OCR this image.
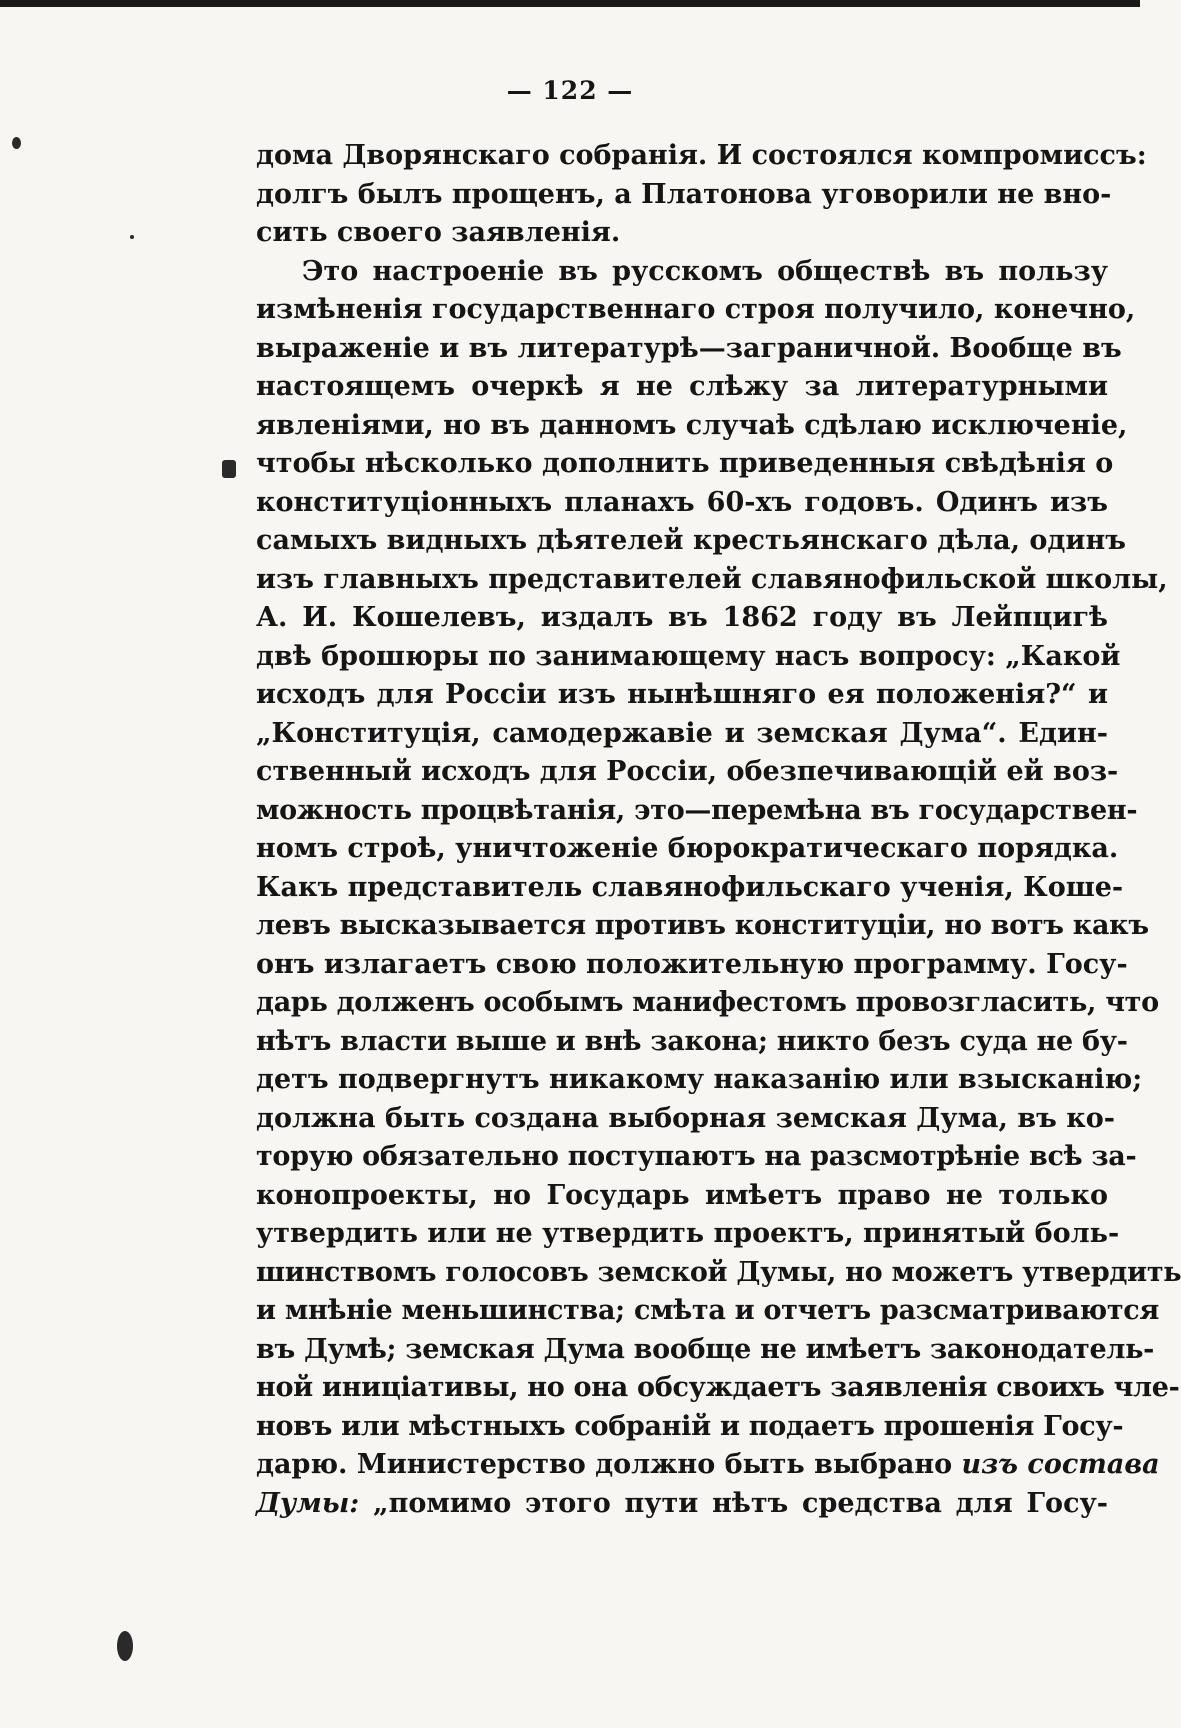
— 122 —
дома Дворянскаго собранія. И состоялся компромиссъ:
долгъ былъ прощенъ, а Платонова уговорили не вно-
сить своего заявленія.
Это настроеніе въ русскомъ обществѣ въ пользу
измѣненія государственнаго строя получило, конечно,
выраженіе и въ литературѣ—заграничной. Вообще въ
настоящемъ очеркѣ я не слѣжу за литературными
явленіями, но въ данномъ случаѣ сдѣлаю исключеніе,
чтобы нѣсколько дополнить приведенныя свѣдѣнія о
конституціонныхъ планахъ 60-хъ годовъ. Одинъ изъ
самыхъ видныхъ дѣятелей крестьянскаго дѣла, одинъ
изъ главныхъ представителей славянофильской школы,
А. И. Кошелевъ, издалъ въ 1862 году въ Лейпцигѣ
двѣ брошюры по занимающему насъ вопросу: „Какой
исходъ для Россіи изъ нынѣшняго ея положенія?“ и
„Конституція, самодержавіе и земская Дума“. Един-
ственный исходъ для Россіи, обезпечивающій ей воз-
можность процвѣтанія, это—перемѣна въ государствен-
номъ строѣ, уничтоженіе бюрократическаго порядка.
Какъ представитель славянофильскаго ученія, Коше-
левъ высказывается противъ конституціи, но вотъ какъ
онъ излагаетъ свою положительную программу. Госу-
дарь долженъ особымъ манифестомъ провозгласить, что
нѣтъ власти выше и внѣ закона; никто безъ суда не бу-
детъ подвергнутъ никакому наказанію или взысканію;
должна быть создана выборная земская Дума, въ ко-
торую обязательно поступаютъ на разсмотрѣніе всѣ за-
конопроекты, но Государь имѣетъ право не только
утвердить или не утвердить проектъ, принятый боль-
шинствомъ голосовъ земской Думы, но можетъ утвердить
и мнѣніе меньшинства; смѣта и отчетъ разсматриваются
въ Думѣ; земская Дума вообще не имѣетъ законодатель-
ной иниціативы, но она обсуждаетъ заявленія своихъ чле-
новъ или мѣстныхъ собраній и подаетъ прошенія Госу-
дарю. Министерство должно быть выбрано изъ состава
Думы: „помимо этого пути нѣтъ средства для Госу-
